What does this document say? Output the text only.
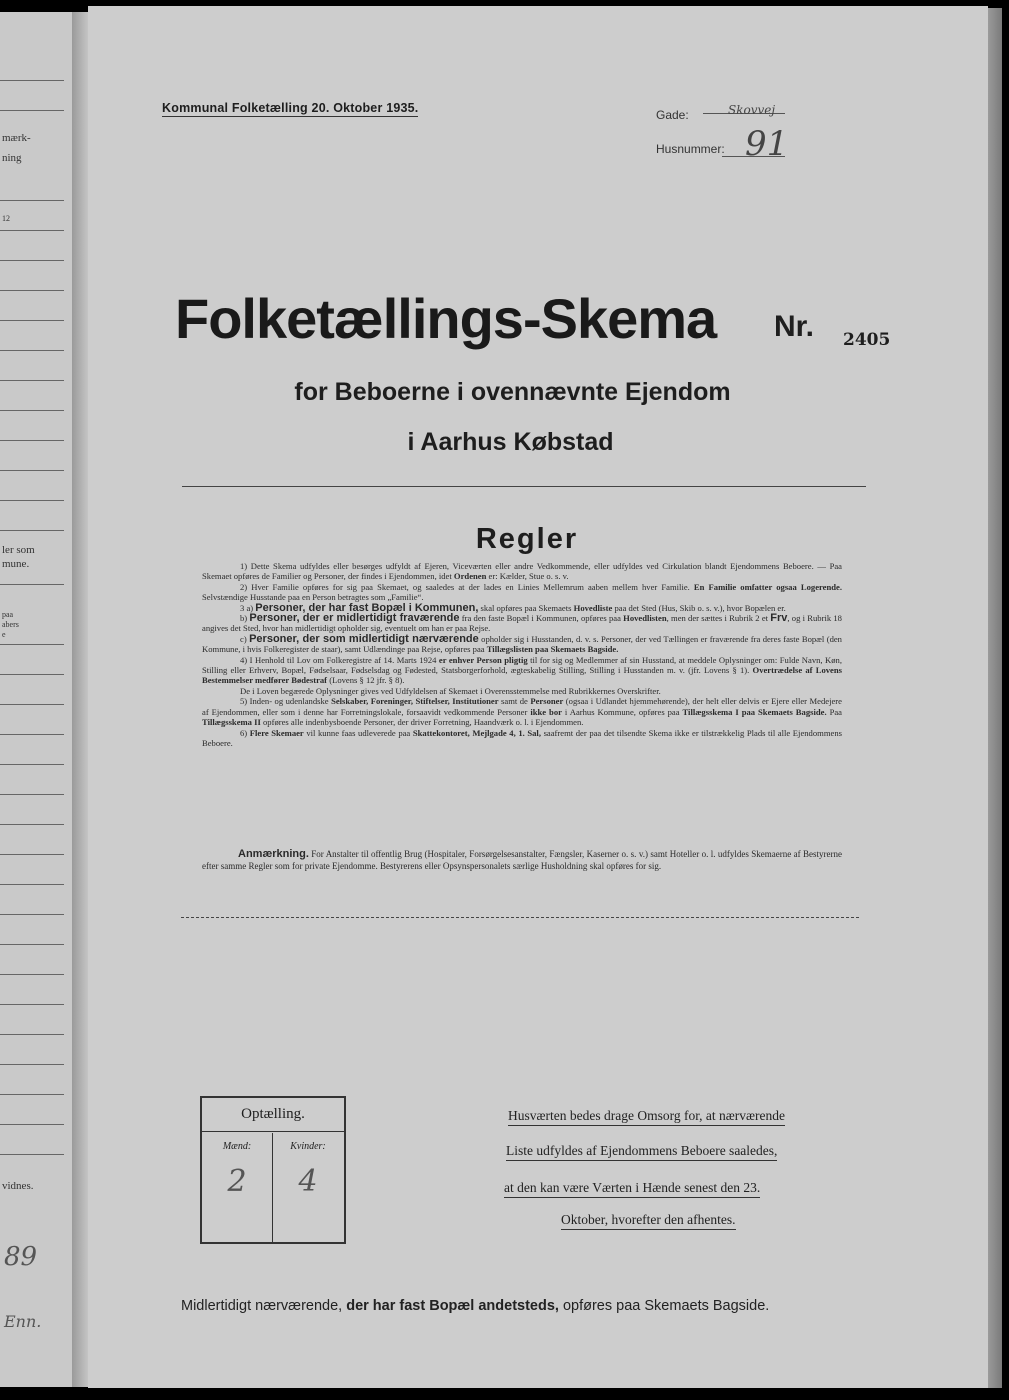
mærk-
ning
12
ler som
mune.
paa
abers
e
vidnes.
89
Enn.
Kommunal Folketælling 20. Oktober 1935.	Gade:	Skovvej
Husnummer: 91
Folketællings-Skema Nr. 2405
for Beboerne i ovennævnte Ejendom
i Aarhus Købstad
Regler

1) Dette Skema udfyldes eller besørges udfyldt af Ejeren, Viceværten eller andre Vedkommende, eller udfyldes ved Cirkulation blandt Ejendommens Beboere. — Paa Skemaet opføres de Familier og Personer, der findes i Ejendommen, idet Ordenen er: Kælder, Stue o. s. v.

2) Hver Familie opføres for sig paa Skemaet, og saaledes at der lades en Linies Mellemrum aaben mellem hver Familie. En Familie omfatter ogsaa Logerende. Selvstændige Husstande paa en Person betragtes som „Familie“.

3 a) Personer, der har fast Bopæl i Kommunen, skal opføres paa Skemaets Hovedliste paa det Sted (Hus, Skib o. s. v.), hvor Bopælen er.

b) Personer, der er midlertidigt fraværende fra den faste Bopæl i Kommunen, opføres paa Hovedlisten, men der sættes i Rubrik 2 et Frv, og i Rubrik 18 angives det Sted, hvor han midlertidigt opholder sig, eventuelt om han er paa Rejse.

c) Personer, der som midlertidigt nærværende opholder sig i Husstanden, d. v. s. Personer, der ved Tællingen er fraværende fra deres faste Bopæl (den Kommune, i hvis Folkeregister de staar), samt Udlændinge paa Rejse, opføres paa Tillægslisten paa Skemaets Bagside.

4) I Henhold til Lov om Folkeregistre af 14. Marts 1924 er enhver Person pligtig til for sig og Medlemmer af sin Husstand, at meddele Oplysninger om: Fulde Navn, Køn, Stilling eller Erhverv, Bopæl, Fødselsaar, Fødselsdag og Fødested, Statsborgerforhold, ægteskabelig Stilling, Stilling i Husstanden m. v. (jfr. Lovens § 1). Overtrædelse af Lovens Bestemmelser medfører Bødestraf (Lovens § 12 jfr. § 8).

De i Loven begærede Oplysninger gives ved Udfyldelsen af Skemaet i Overensstemmelse med Rubrikkernes Overskrifter.

5) Inden- og udenlandske Selskaber, Foreninger, Stiftelser, Institutioner samt de Personer (ogsaa i Udlandet hjemmehørende), der helt eller delvis er Ejere eller Medejere af Ejendommen, eller som i denne har Forretningslokale, forsaavidt vedkommende Personer ikke bor i Aarhus Kommune, opføres paa Tillægsskema I paa Skemaets Bagside. Paa Tillægsskema II opføres alle indenbysboende Personer, der driver Forretning, Haandværk o. l. i Ejendommen.

6) Flere Skemaer vil kunne faas udleverede paa Skattekontoret, Mejlgade 4, 1. Sal, saafremt der paa det tilsendte Skema ikke er tilstrækkelig Plads til alle Ejendommens Beboere.

Anmærkning. For Anstalter til offentlig Brug (Hospitaler, Forsørgelsesanstalter, Fængsler, Kaserner o. s. v.) samt Hoteller o. l. udfyldes Skemaerne af Bestyrerne efter samme Regler som for private Ejendomme. Bestyrerens eller Opsynspersonalets særlige Husholdning skal opføres for sig.
Optælling.
Mænd:
2
Kvinder:
4
Husværten bedes drage Omsorg for, at nærværende
Liste udfyldes af Ejendommens Beboere saaledes,
at den kan være Værten i Hænde senest den 23.
Oktober, hvorefter den afhentes.
Midlertidigt nærværende, der har fast Bopæl andetsteds, opføres paa Skemaets Bagside.
